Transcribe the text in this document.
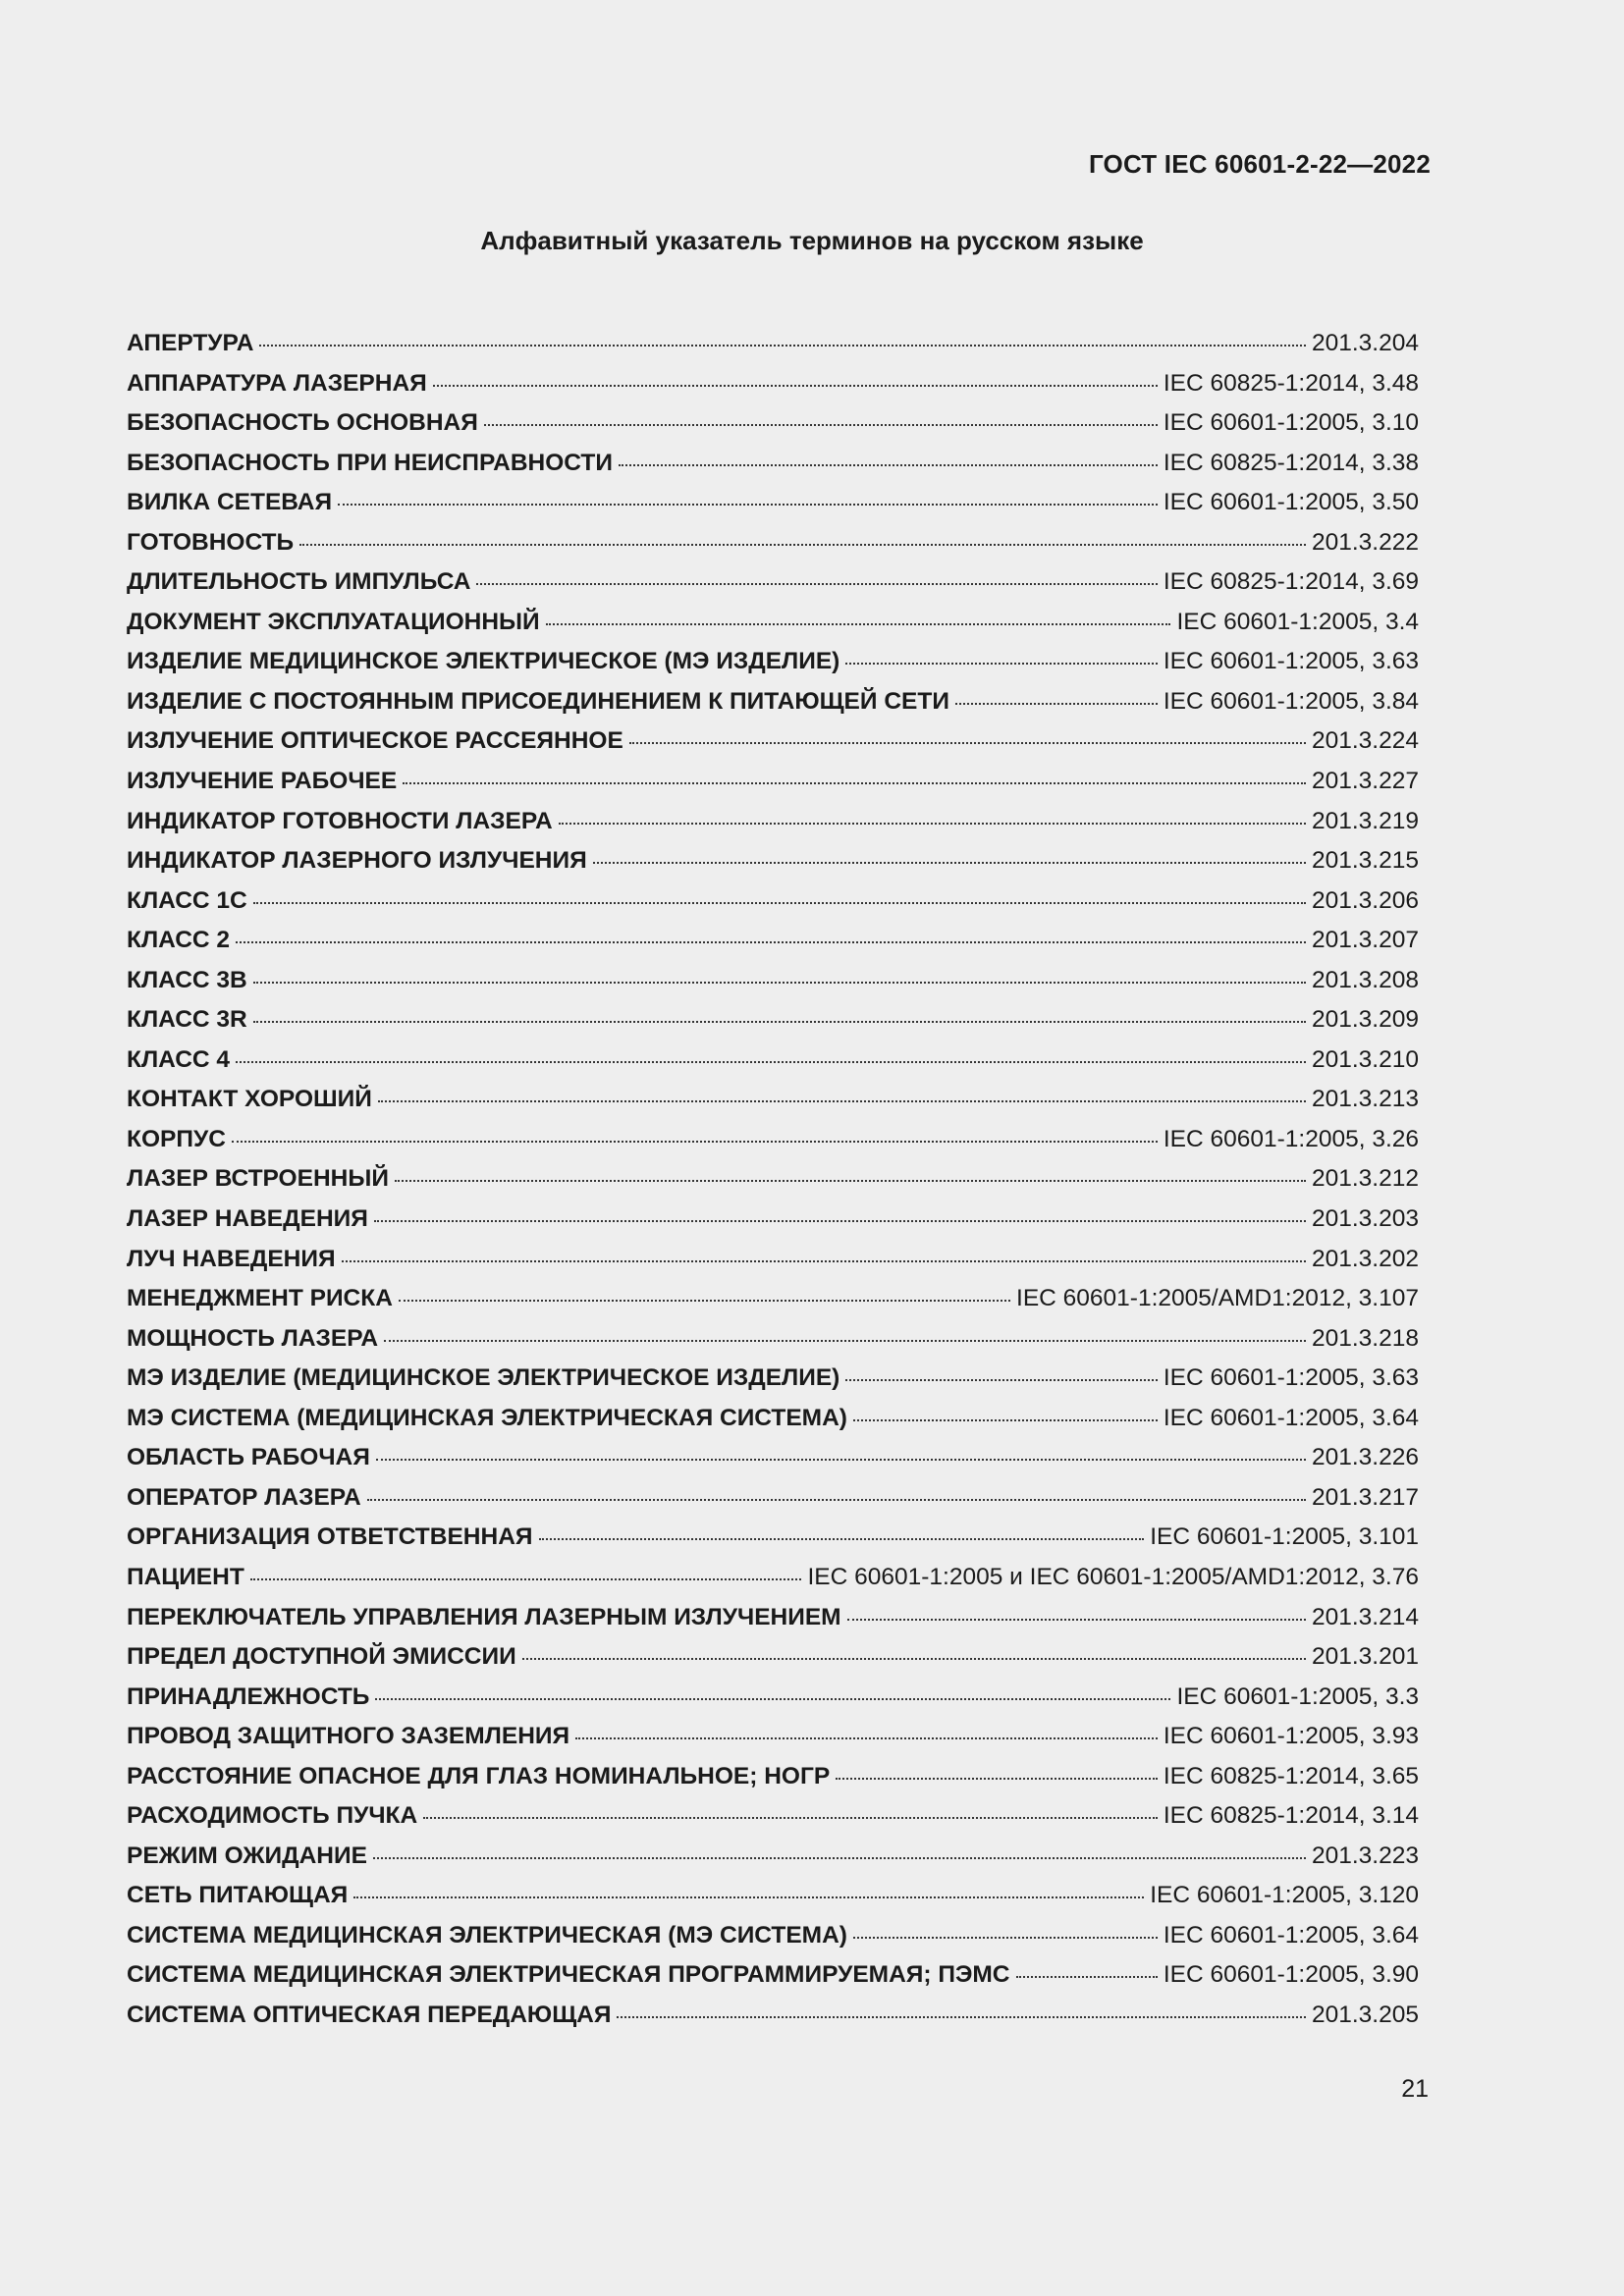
ГОСТ IEC 60601-2-22—2022
Алфавитный указатель терминов на русском языке
АПЕРТУРА	201.3.204
АППАРАТУРА ЛАЗЕРНАЯ	IEC 60825-1:2014, 3.48
БЕЗОПАСНОСТЬ ОСНОВНАЯ	IEC 60601-1:2005, 3.10
БЕЗОПАСНОСТЬ ПРИ НЕИСПРАВНОСТИ	IEC 60825-1:2014, 3.38
ВИЛКА СЕТЕВАЯ	IEC 60601-1:2005, 3.50
ГОТОВНОСТЬ	201.3.222
ДЛИТЕЛЬНОСТЬ ИМПУЛЬСА	IEC 60825-1:2014, 3.69
ДОКУМЕНТ ЭКСПЛУАТАЦИОННЫЙ	IEC 60601-1:2005, 3.4
ИЗДЕЛИЕ МЕДИЦИНСКОЕ ЭЛЕКТРИЧЕСКОЕ (МЭ ИЗДЕЛИЕ)	IEC 60601-1:2005, 3.63
ИЗДЕЛИЕ С ПОСТОЯННЫМ ПРИСОЕДИНЕНИЕМ К ПИТАЮЩЕЙ СЕТИ	IEC 60601-1:2005, 3.84
ИЗЛУЧЕНИЕ ОПТИЧЕСКОЕ РАССЕЯННОЕ	201.3.224
ИЗЛУЧЕНИЕ РАБОЧЕЕ	201.3.227
ИНДИКАТОР ГОТОВНОСТИ ЛАЗЕРА	201.3.219
ИНДИКАТОР ЛАЗЕРНОГО ИЗЛУЧЕНИЯ	201.3.215
КЛАСС 1С	201.3.206
КЛАСС 2	201.3.207
КЛАСС 3В	201.3.208
КЛАСС 3R	201.3.209
КЛАСС 4	201.3.210
КОНТАКТ ХОРОШИЙ	201.3.213
КОРПУС	IEC 60601-1:2005, 3.26
ЛАЗЕР ВСТРОЕННЫЙ	201.3.212
ЛАЗЕР НАВЕДЕНИЯ	201.3.203
ЛУЧ НАВЕДЕНИЯ	201.3.202
МЕНЕДЖМЕНТ РИСКА	IEC 60601-1:2005/AMD1:2012, 3.107
МОЩНОСТЬ ЛАЗЕРА	201.3.218
МЭ ИЗДЕЛИЕ (МЕДИЦИНСКОЕ ЭЛЕКТРИЧЕСКОЕ ИЗДЕЛИЕ)	IEC 60601-1:2005, 3.63
МЭ СИСТЕМА (МЕДИЦИНСКАЯ ЭЛЕКТРИЧЕСКАЯ СИСТЕМА)	IEC 60601-1:2005, 3.64
ОБЛАСТЬ РАБОЧАЯ	201.3.226
ОПЕРАТОР ЛАЗЕРА	201.3.217
ОРГАНИЗАЦИЯ ОТВЕТСТВЕННАЯ	IEC 60601-1:2005, 3.101
ПАЦИЕНТ	IEC 60601-1:2005 и IEC 60601-1:2005/AMD1:2012, 3.76
ПЕРЕКЛЮЧАТЕЛЬ УПРАВЛЕНИЯ ЛАЗЕРНЫМ ИЗЛУЧЕНИЕМ	201.3.214
ПРЕДЕЛ ДОСТУПНОЙ ЭМИССИИ	201.3.201
ПРИНАДЛЕЖНОСТЬ	IEC 60601-1:2005, 3.3
ПРОВОД ЗАЩИТНОГО ЗАЗЕМЛЕНИЯ	IEC 60601-1:2005, 3.93
РАССТОЯНИЕ ОПАСНОЕ ДЛЯ ГЛАЗ НОМИНАЛЬНОЕ; НОГР	IEC 60825-1:2014, 3.65
РАСХОДИМОСТЬ ПУЧКА	IEC 60825-1:2014, 3.14
РЕЖИМ ОЖИДАНИЕ	201.3.223
СЕТЬ ПИТАЮЩАЯ	IEC 60601-1:2005, 3.120
СИСТЕМА МЕДИЦИНСКАЯ ЭЛЕКТРИЧЕСКАЯ (МЭ СИСТЕМА)	IEC 60601-1:2005, 3.64
СИСТЕМА МЕДИЦИНСКАЯ ЭЛЕКТРИЧЕСКАЯ ПРОГРАММИРУЕМАЯ; ПЭМС	IEC 60601-1:2005, 3.90
СИСТЕМА ОПТИЧЕСКАЯ ПЕРЕДАЮЩАЯ	201.3.205
21
